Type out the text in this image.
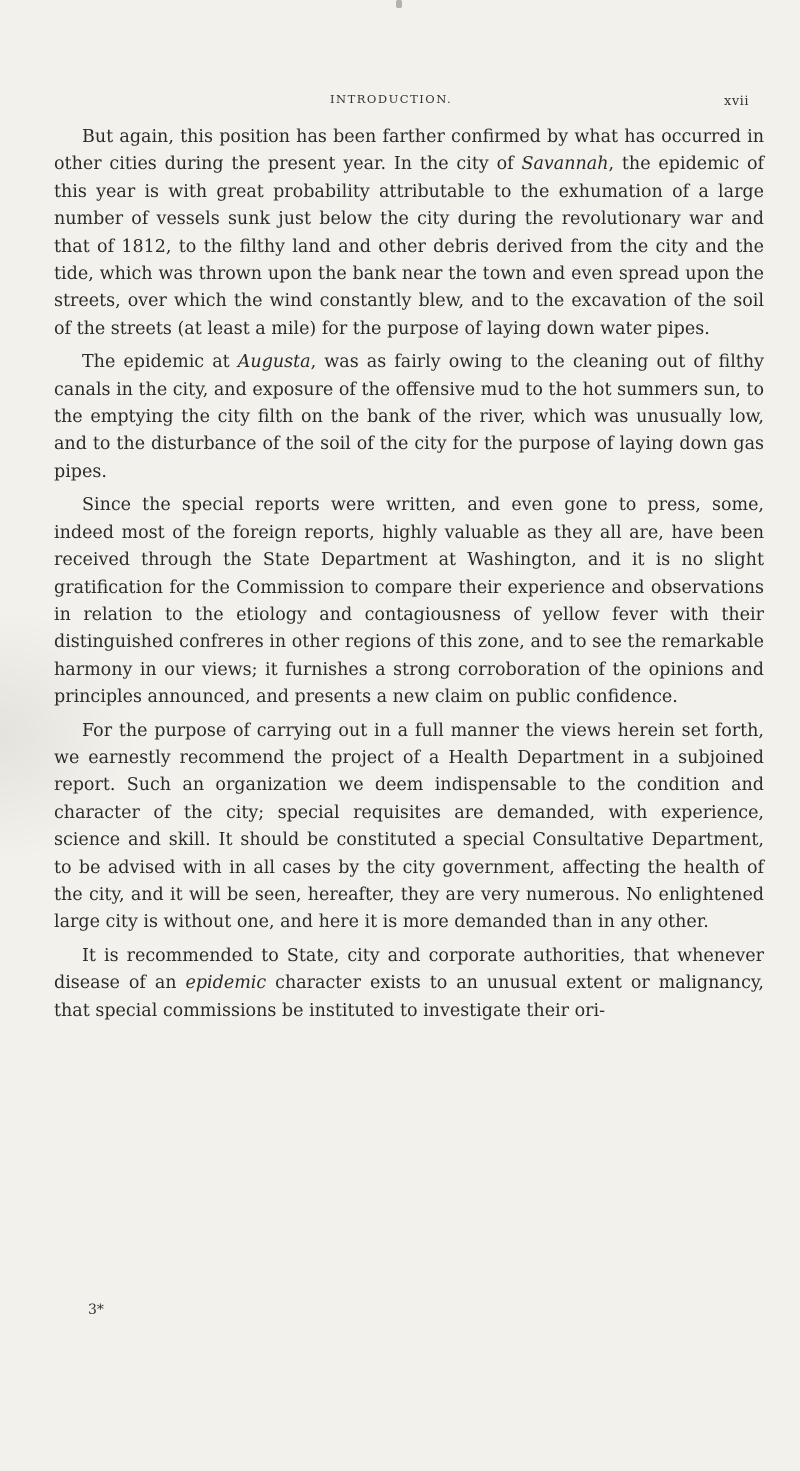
INTRODUCTION.	xvii

But again, this position has been farther confirmed by what has occurred in other cities during the present year. In the city of Savannah, the epidemic of this year is with great probability attributable to the exhumation of a large number of vessels sunk just below the city during the revolutionary war and that of 1812, to the filthy land and other debris derived from the city and the tide, which was thrown upon the bank near the town and even spread upon the streets, over which the wind constantly blew, and to the excavation of the soil of the streets (at least a mile) for the purpose of laying down water pipes.

The epidemic at Augusta, was as fairly owing to the cleaning out of filthy canals in the city, and exposure of the offensive mud to the hot summers sun, to the emptying the city filth on the bank of the river, which was unusually low, and to the disturbance of the soil of the city for the purpose of laying down gas pipes.

Since the special reports were written, and even gone to press, some, indeed most of the foreign reports, highly valuable as they all are, have been received through the State Department at Washington, and it is no slight gratification for the Commission to compare their experience and observations in relation to the etiology and contagiousness of yellow fever with their distinguished confreres in other regions of this zone, and to see the remarkable harmony in our views; it furnishes a strong corroboration of the opinions and principles announced, and presents a new claim on public confidence.

For the purpose of carrying out in a full manner the views herein set forth, we earnestly recommend the project of a Health Department in a subjoined report. Such an organization we deem indispensable to the condition and character of the city; special requisites are demanded, with experience, science and skill. It should be constituted a special Consultative Department, to be advised with in all cases by the city government, affecting the health of the city, and it will be seen, hereafter, they are very numerous. No enlightened large city is without one, and here it is more demanded than in any other.

It is recommended to State, city and corporate authorities, that whenever disease of an epidemic character exists to an unusual extent or malignancy, that special commissions be instituted to investigate their ori-

3*
